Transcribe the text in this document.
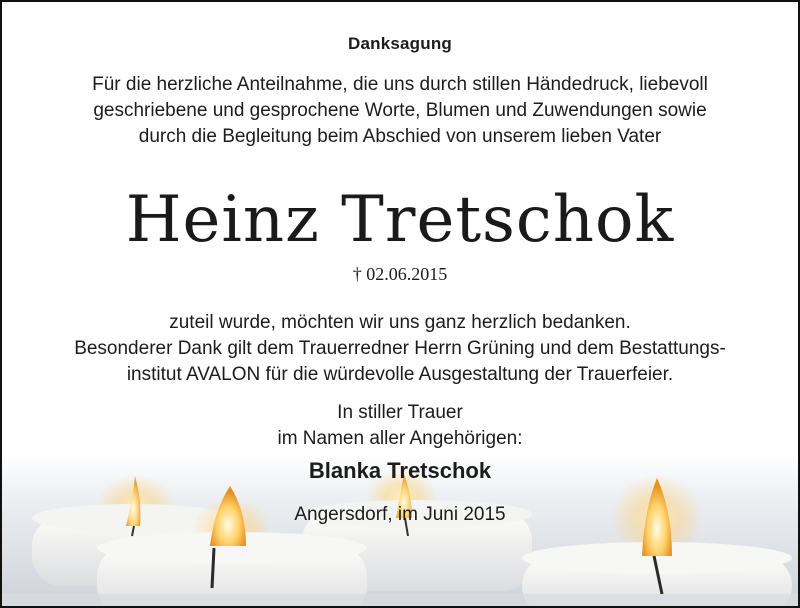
Danksagung
Für die herzliche Anteilnahme, die uns durch stillen Händedruck, liebevoll
geschriebene und gesprochene Worte, Blumen und Zuwendungen sowie
durch die Begleitung beim Abschied von unserem lieben Vater
Heinz Tretschok
† 02.06.2015
zuteil wurde, möchten wir uns ganz herzlich bedanken.
Besonderer Dank gilt dem Trauerredner Herrn Grüning und dem Bestattungs-
institut AVALON für die würdevolle Ausgestaltung der Trauerfeier.
In stiller Trauer
im Namen aller Angehörigen:
Blanka Tretschok
Angersdorf, im Juni 2015
